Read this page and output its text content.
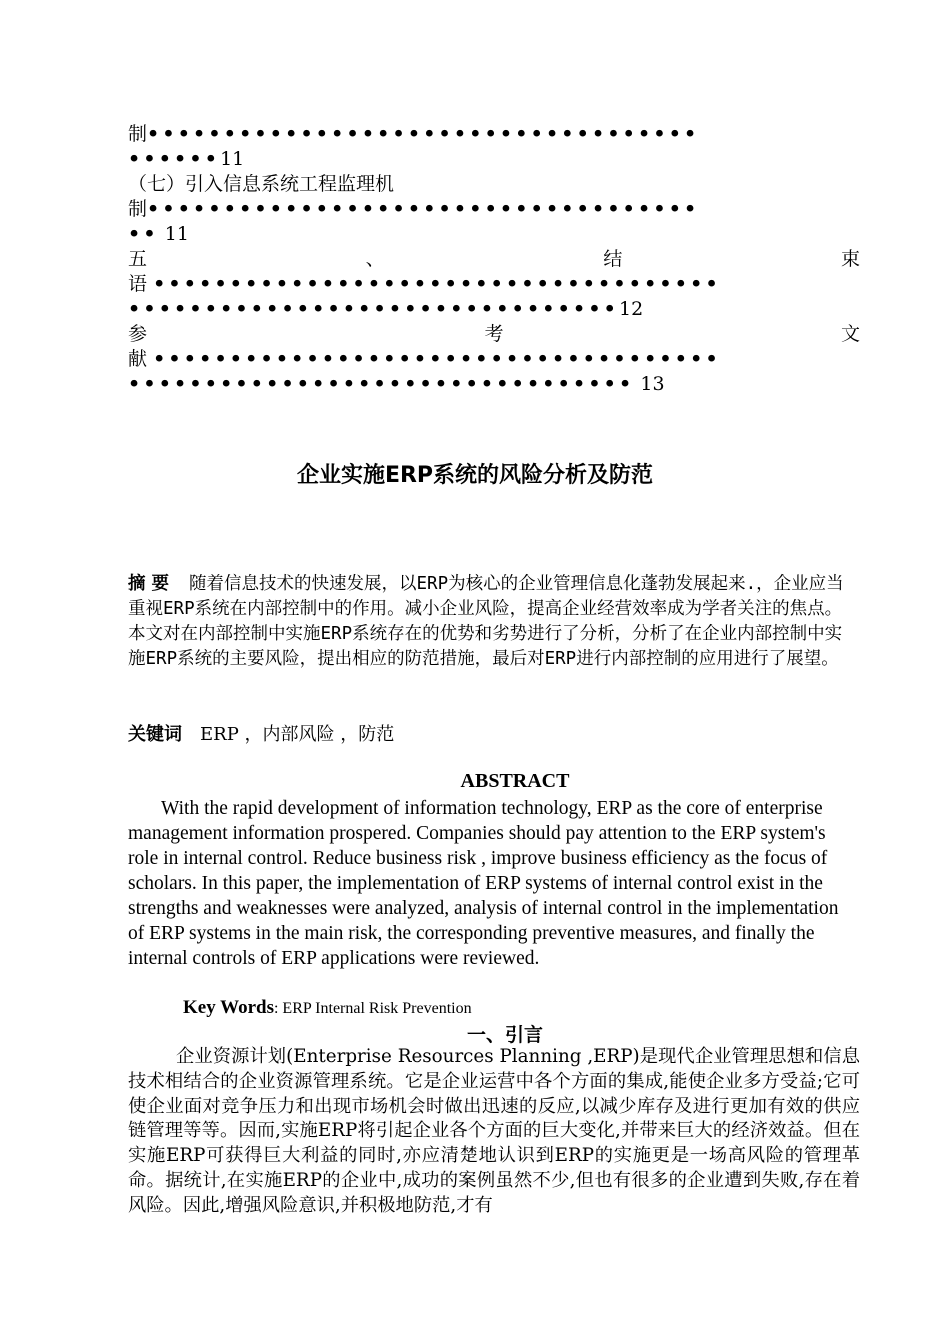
制••••••••••••••••••••••••••••••••••••
••••••11
（七）引入信息系统工程监理机
制••••••••••••••••••••••••••••••••••••
•• 11
五	、	结	束
语 •••••••••••••••••••••••••••••••••••••
••••••••••••••••••••••••••••••••12
参	考	文
献 •••••••••••••••••••••••••••••••••••••
••••••••••••••••••••••••••••••••• 13
企业实施ERP系统的风险分析及防范
摘要 随着信息技术的快速发展，以ERP为核心的企业管理信息化蓬勃发展起来.，企业应当重视ERP系统在内部控制中的作用。减小企业风险，提高企业经营效率成为学者关注的焦点。本文对在内部控制中实施ERP系统存在的优势和劣势进行了分析，分析了在企业内部控制中实施ERP系统的主要风险，提出相应的防范措施，最后对ERP进行内部控制的应用进行了展望。
关键词 ERP ，内部风险 ，防范
ABSTRACT
With the rapid development of information technology, ERP as the core of enterprise management information prospered. Companies should pay attention to the ERP system's role in internal control. Reduce business risk , improve business efficiency as the focus of scholars. In this paper, the implementation of ERP systems of internal control exist in the strengths and weaknesses were analyzed, analysis of internal control in the implementation of ERP systems in the main risk, the corresponding preventive measures, and finally the internal controls of ERP applications were reviewed.
Key Words: ERP Internal Risk Prevention
一、引言
企业资源计划(Enterprise Resources Planning ,ERP)是现代企业管理思想和信息技术相结合的企业资源管理系统。它是企业运营中各个方面的集成,能使企业多方受益;它可使企业面对竞争压力和出现市场机会时做出迅速的反应,以减少库存及进行更加有效的供应链管理等等。因而,实施ERP将引起企业各个方面的巨大变化,并带来巨大的经济效益。但在实施ERP可获得巨大利益的同时,亦应清楚地认识到ERP的实施更是一场高风险的管理革命。据统计,在实施ERP的企业中,成功的案例虽然不少,但也有很多的企业遭到失败,存在着风险。因此,增强风险意识,并积极地防范,才有
